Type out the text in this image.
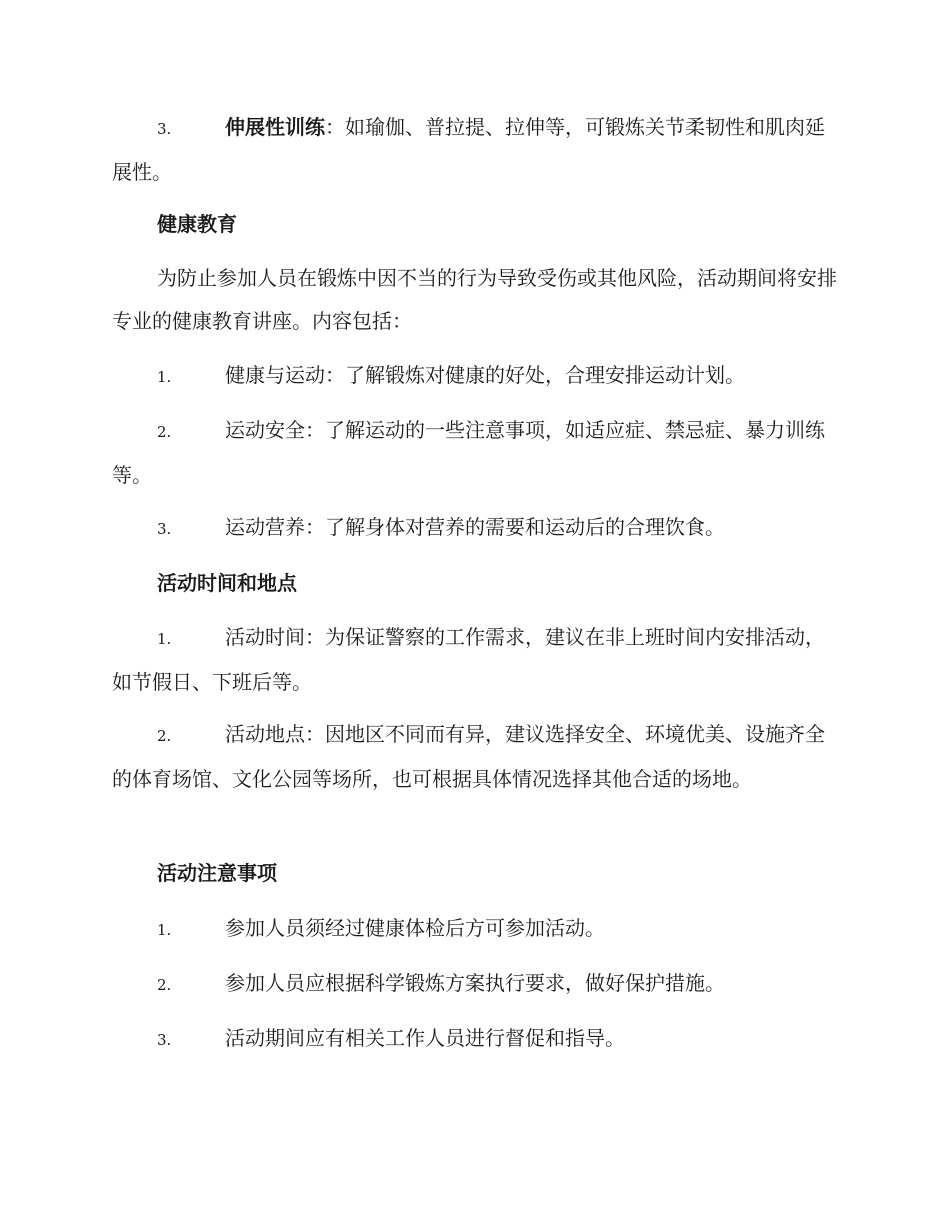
3.	伸展性训练：如瑜伽、普拉提、拉伸等，可锻炼关节柔韧性和肌肉延展性。
健康教育
为防止参加人员在锻炼中因不当的行为导致受伤或其他风险，活动期间将安排专业的健康教育讲座。内容包括：
1.	健康与运动：了解锻炼对健康的好处，合理安排运动计划。
2.	运动安全：了解运动的一些注意事项，如适应症、禁忌症、暴力训练等。
3.	运动营养：了解身体对营养的需要和运动后的合理饮食。
活动时间和地点
1.	活动时间：为保证警察的工作需求，建议在非上班时间内安排活动，如节假日、下班后等。
2.	活动地点：因地区不同而有异，建议选择安全、环境优美、设施齐全的体育场馆、文化公园等场所，也可根据具体情况选择其他合适的场地。
活动注意事项
1.	参加人员须经过健康体检后方可参加活动。
2.	参加人员应根据科学锻炼方案执行要求，做好保护措施。
3.	活动期间应有相关工作人员进行督促和指导。
